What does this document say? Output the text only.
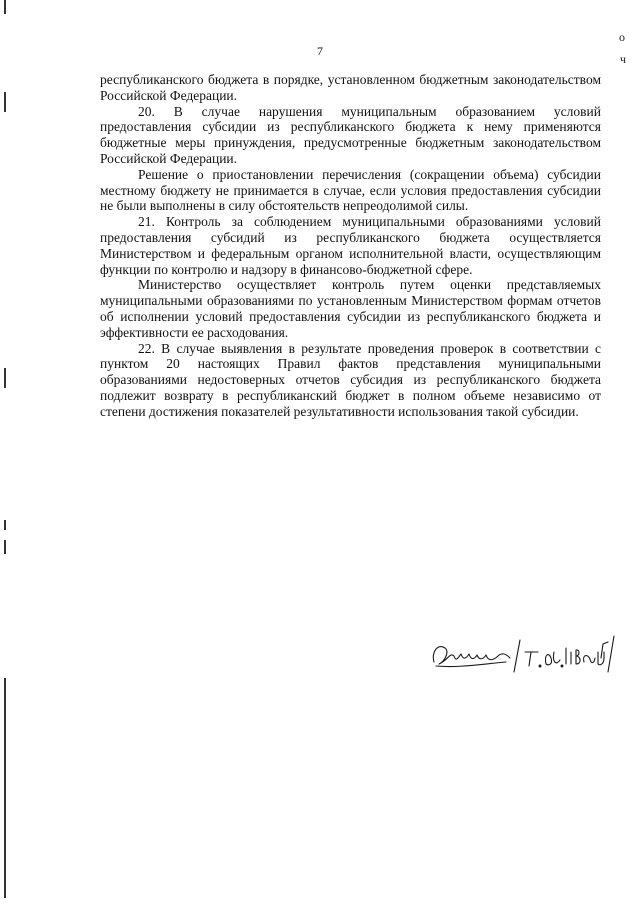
7
о
ч

республиканского бюджета в порядке, установленном бюджетным законодательством Российской Федерации.

20. В случае нарушения муниципальным образованием условий предоставления субсидии из республиканского бюджета к нему применяются бюджетные меры принуждения, предусмотренные бюджетным законодательством Российской Федерации.

Решение о приостановлении перечисления (сокращении объема) субсидии местному бюджету не принимается в случае, если условия предоставления субсидии не были выполнены в силу обстоятельств непреодолимой силы.

21. Контроль за соблюдением муниципальными образованиями условий предоставления субсидий из республиканского бюджета осуществляется Министерством и федеральным органом исполнительной власти, осуществляющим функции по контролю и надзору в финансово-бюджетной сфере.

Министерство осуществляет контроль путем оценки представляемых муниципальными образованиями по установленным Министерством формам отчетов об исполнении условий предоставления субсидии из республиканского бюджета и эффективности ее расходования.

22. В случае выявления в результате проведения проверок в соответствии с пунктом 20 настоящих Правил фактов представления муниципальными образованиями недостоверных отчетов субсидия из республиканского бюджета подлежит возврату в республиканский бюджет в полном объеме независимо от степени достижения показателей результативности использования такой субсидии.
